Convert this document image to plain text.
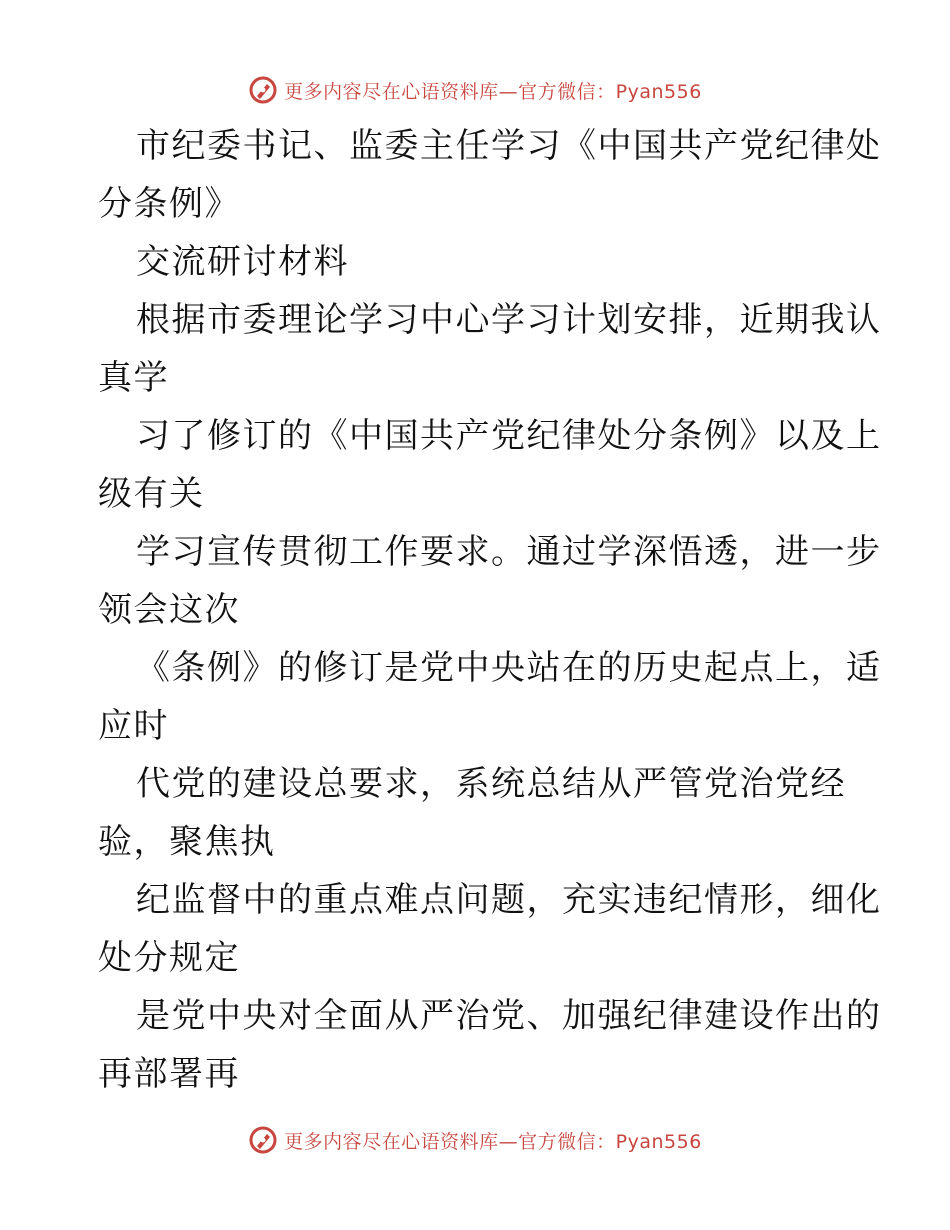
更多内容尽在心语资料库—官方微信：Pyan556
市纪委书记、监委主任学习《中国共产党纪律处
分条例》
交流研讨材料
根据市委理论学习中心学习计划安排，近期我认
真学
习了修订的《中国共产党纪律处分条例》以及上
级有关
学习宣传贯彻工作要求。通过学深悟透，进一步
领会这次
《条例》的修订是党中央站在的历史起点上，适
应时
代党的建设总要求，系统总结从严管党治党经
验，聚焦执
纪监督中的重点难点问题，充实违纪情形，细化
处分规定
是党中央对全面从严治党、加强纪律建设作出的
再部署再
更多内容尽在心语资料库—官方微信：Pyan556
